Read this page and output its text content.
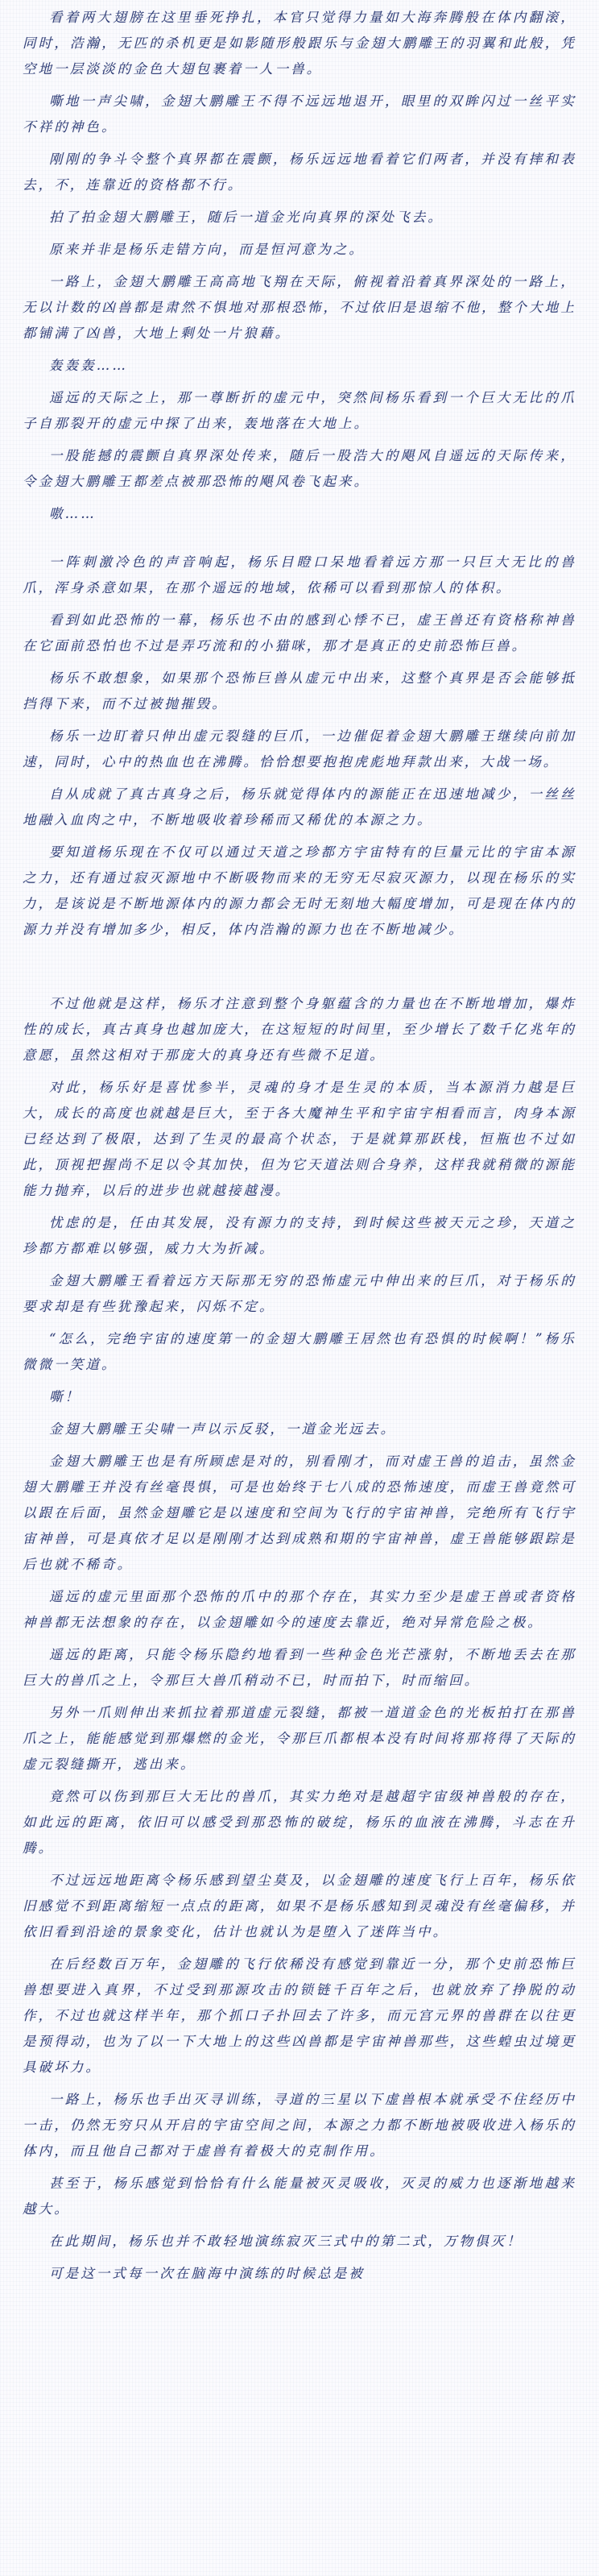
看着两大翅膀在这里垂死挣扎，本官只觉得力量如大海奔腾般在体内翻滚，同时，浩瀚，无匹的杀机更是如影随形般跟乐与金翅大鹏雕王的羽翼和此般，凭空地一层淡淡的金色大翅包裹着一人一兽。

嘶地一声尖啸，金翅大鹏雕王不得不远远地退开，眼里的双眸闪过一丝平实不祥的神色。

刚刚的争斗令整个真界都在震颤，杨乐远远地看着它们两者，并没有摔和表去，不，连靠近的资格都不行。

拍了拍金翅大鹏雕王，随后一道金光向真界的深处飞去。

原来并非是杨乐走错方向，而是恒河意为之。

一路上，金翅大鹏雕王高高地飞翔在天际，俯视着沿着真界深处的一路上，无以计数的凶兽都是肃然不惧地对那根恐怖，不过依旧是退缩不他，整个大地上都铺满了凶兽，大地上剩处一片狼藉。

轰轰轰……

遥远的天际之上，那一尊断折的虚元中，突然间杨乐看到一个巨大无比的爪子自那裂开的虚元中探了出来，轰地落在大地上。

一股能撼的震颤自真界深处传来，随后一股浩大的飓风自遥远的天际传来，令金翅大鹏雕王都差点被那恐怖的飓风卷飞起来。

嗷……

一阵刺激冷色的声音响起，杨乐目瞪口呆地看着远方那一只巨大无比的兽爪，浑身杀意如果，在那个遥远的地域，依稀可以看到那惊人的体积。

看到如此恐怖的一幕，杨乐也不由的感到心悸不已，虚王兽还有资格称神兽在它面前恐怕也不过是弄巧流和的小猫咪，那才是真正的史前恐怖巨兽。

杨乐不敢想象，如果那个恐怖巨兽从虚元中出来，这整个真界是否会能够抵挡得下来，而不过被抛摧毁。

杨乐一边盯着只伸出虚元裂缝的巨爪，一边催促着金翅大鹏雕王继续向前加速，同时，心中的热血也在沸腾。恰恰想要抱抱虎彪地拜款出来，大战一场。

自从成就了真古真身之后，杨乐就觉得体内的源能正在迅速地减少，一丝丝地融入血肉之中，不断地吸收着珍稀而又稀优的本源之力。

要知道杨乐现在不仅可以通过天道之珍都方宇宙特有的巨量元比的宇宙本源之力，还有通过寂灭源地中不断吸物而来的无穷无尽寂灭源力，以现在杨乐的实力，是该说是不断地源体内的源力都会无时无刻地大幅度增加，可是现在体内的源力并没有增加多少，相反，体内浩瀚的源力也在不断地减少。

不过他就是这样，杨乐才注意到整个身躯蕴含的力量也在不断地增加，爆炸性的成长，真古真身也越加庞大，在这短短的时间里，至少增长了数千亿兆年的意愿，虽然这相对于那庞大的真身还有些微不足道。

对此，杨乐好是喜忧参半，灵魂的身才是生灵的本质，当本源消力越是巨大，成长的高度也就越是巨大，至于各大魔神生平和宇宙宇相看而言，肉身本源已经达到了极限，达到了生灵的最高个状态，于是就算那跃栈，恒瓶也不过如此，顶视把握尚不足以令其加快，但为它天道法则合身养，这样我就稍微的源能能力抛弃，以后的进步也就越接越漫。

忧虑的是，任由其发展，没有源力的支持，到时候这些被天元之珍，天道之珍都方都难以够强，威力大为折减。

金翅大鹏雕王看着远方天际那无穷的恐怖虚元中伸出来的巨爪，对于杨乐的要求却是有些犹豫起来，闪烁不定。

“怎么，完绝宇宙的速度第一的金翅大鹏雕王居然也有恐惧的时候啊！”杨乐微微一笑道。

嘶！

金翅大鹏雕王尖啸一声以示反驳，一道金光远去。

金翅大鹏雕王也是有所顾虑是对的，别看刚才，而对虚王兽的追击，虽然金翅大鹏雕王并没有丝毫畏惧，可是也始终于七八成的恐怖速度，而虚王兽竟然可以跟在后面，虽然金翅雕它是以速度和空间为飞行的宇宙神兽，完绝所有飞行宇宙神兽，可是真依才足以是刚刚才达到成熟和期的宇宙神兽，虚王兽能够跟踪是后也就不稀奇。

遥远的虚元里面那个恐怖的爪中的那个存在，其实力至少是虚王兽或者资格神兽都无法想象的存在，以金翅雕如今的速度去靠近，绝对异常危险之极。

遥远的距离，只能令杨乐隐约地看到一些种金色光芒涨射，不断地丢去在那巨大的兽爪之上，令那巨大兽爪稍动不已，时而拍下，时而缩回。

另外一爪则伸出来抓拉着那道虚元裂缝，都被一道道金色的光板拍打在那兽爪之上，能能感觉到那爆燃的金光，令那巨爪都根本没有时间将那将得了天际的虚元裂缝撕开，逃出来。

竟然可以伤到那巨大无比的兽爪，其实力绝对是越超宇宙级神兽般的存在，如此远的距离，依旧可以感受到那恐怖的破绽，杨乐的血液在沸腾，斗志在升腾。

不过远远地距离令杨乐感到望尘莫及，以金翅雕的速度飞行上百年，杨乐依旧感觉不到距离缩短一点点的距离，如果不是杨乐感知到灵魂没有丝毫偏移，并依旧看到沿途的景象变化，估计也就认为是堕入了迷阵当中。

在后经数百万年，金翅雕的飞行依稀没有感觉到靠近一分，那个史前恐怖巨兽想要进入真界，不过受到那源攻击的锁链千百年之后，也就放弃了挣脱的动作，不过也就这样半年，那个抓口子扑回去了许多，而元宫元界的兽群在以往更是预得动，也为了以一下大地上的这些凶兽都是宇宙神兽那些，这些蝗虫过境更具破坏力。

一路上，杨乐也手出灭寻训练，寻道的三星以下虚兽根本就承受不住经历中一击，仍然无穷只从开启的宇宙空间之间，本源之力都不断地被吸收进入杨乐的体内，而且他自己都对于虚兽有着极大的克制作用。

甚至于，杨乐感觉到恰恰有什么能量被灭灵吸收，灭灵的威力也逐渐地越来越大。

在此期间，杨乐也并不敢轻地演练寂灭三式中的第二式，万物俱灭！

可是这一式每一次在脑海中演练的时候总是被
